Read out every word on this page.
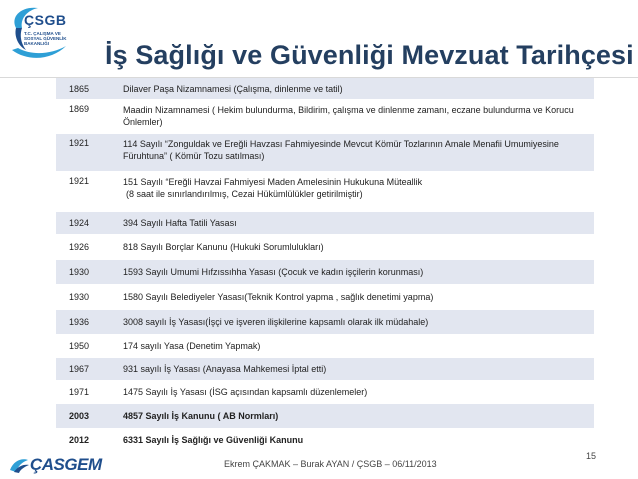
ÇSGB
T.C. ÇALIŞMA VE
SOSYAL GÜVENLİK
BAKANLIĞI	İş Sağlığı ve Güvenliği Mevzuat Tarihçesi
1865	Dilaver Paşa Nizamnamesi (Çalışma, dinlenme ve tatil)
1869	Maadin Nizamnamesi ( Hekim bulundurma, Bildirim, çalışma ve dinlenme zamanı, eczane bulundurma ve Korucu Önlemler)
1921	114 Sayılı “Zonguldak ve Ereğli Havzası Fahmiyesinde Mevcut Kömür Tozlarının Amale Menafii Umumiyesine Füruhtuna” ( Kömür Tozu satılması)
1921	151 Sayılı “Ereğli Havzai Fahmiyesi Maden Amelesinin Hukukuna Müteallik
(8 saat ile sınırlandırılmış, Cezai Hükümlülükler getirilmiştir)
1924	394 Sayılı Hafta Tatili Yasası
1926	818 Sayılı Borçlar Kanunu (Hukuki Sorumlulukları)
1930	1593 Sayılı Umumi Hıfzıssıhha Yasası (Çocuk ve kadın işçilerin korunması)
1930	1580 Sayılı Belediyeler Yasası(Teknik Kontrol yapma , sağlık denetimi yapma)
1936	3008 sayılı İş Yasası(İşçi ve işveren ilişkilerine kapsamlı olarak ilk müdahale)
1950	174 sayılı Yasa (Denetim Yapmak)
1967	931 sayılı İş Yasası (Anayasa Mahkemesi İptal etti)
1971	1475 Sayılı İş Yasası (İSG açısından kapsamlı düzenlemeler)
2003	4857 Sayılı İş Kanunu ( AB Normları)
2012	6331 Sayılı İş Sağlığı ve Güvenliği Kanunu
ÇASGEM	Ekrem ÇAKMAK – Burak AYAN / ÇSGB – 06/11/2013
15
